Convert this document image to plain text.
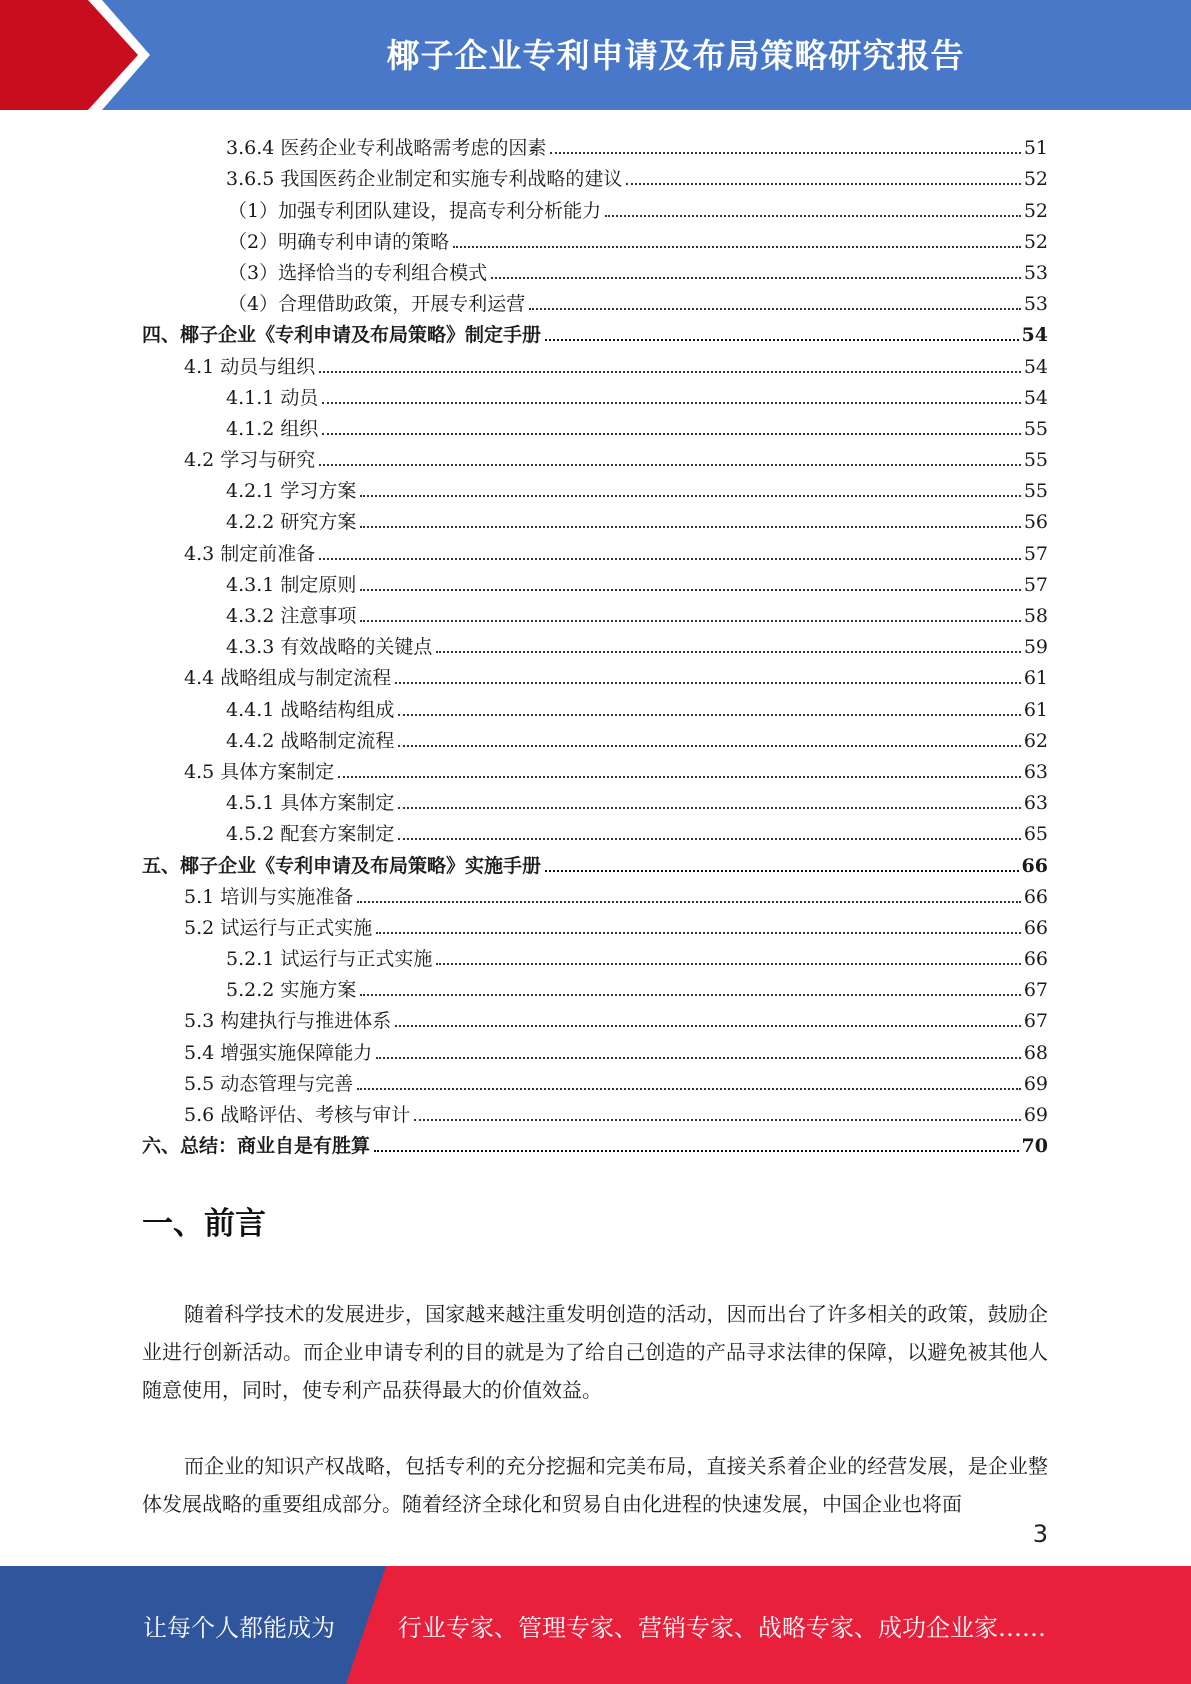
椰子企业专利申请及布局策略研究报告
3.6.4 医药企业专利战略需考虑的因素	51
3.6.5 我国医药企业制定和实施专利战略的建议	52
（1）加强专利团队建设，提高专利分析能力	52
（2）明确专利申请的策略	52
（3）选择恰当的专利组合模式	53
（4）合理借助政策，开展专利运营	53
四、椰子企业《专利申请及布局策略》制定手册	54
4.1 动员与组织	54
4.1.1 动员	54
4.1.2 组织	55
4.2 学习与研究	55
4.2.1 学习方案	55
4.2.2 研究方案	56
4.3 制定前准备	57
4.3.1 制定原则	57
4.3.2 注意事项	58
4.3.3 有效战略的关键点	59
4.4 战略组成与制定流程	61
4.4.1 战略结构组成	61
4.4.2 战略制定流程	62
4.5 具体方案制定	63
4.5.1 具体方案制定	63
4.5.2 配套方案制定	65
五、椰子企业《专利申请及布局策略》实施手册	66
5.1 培训与实施准备	66
5.2 试运行与正式实施	66
5.2.1 试运行与正式实施	66
5.2.2 实施方案	67
5.3 构建执行与推进体系	67
5.4 增强实施保障能力	68
5.5 动态管理与完善	69
5.6 战略评估、考核与审计	69
六、总结：商业自是有胜算	70
一、前言

随着科学技术的发展进步，国家越来越注重发明创造的活动，因而出台了许多相关的政策，鼓励企业进行创新活动。而企业申请专利的目的就是为了给自己创造的产品寻求法律的保障，以避免被其他人随意使用，同时，使专利产品获得最大的价值效益。

而企业的知识产权战略，包括专利的充分挖掘和完美布局，直接关系着企业的经营发展，是企业整体发展战略的重要组成部分。随着经济全球化和贸易自由化进程的快速发展，中国企业也将面

3
让每个人都能成为	行业专家、管理专家、营销专家、战略专家、成功企业家……
